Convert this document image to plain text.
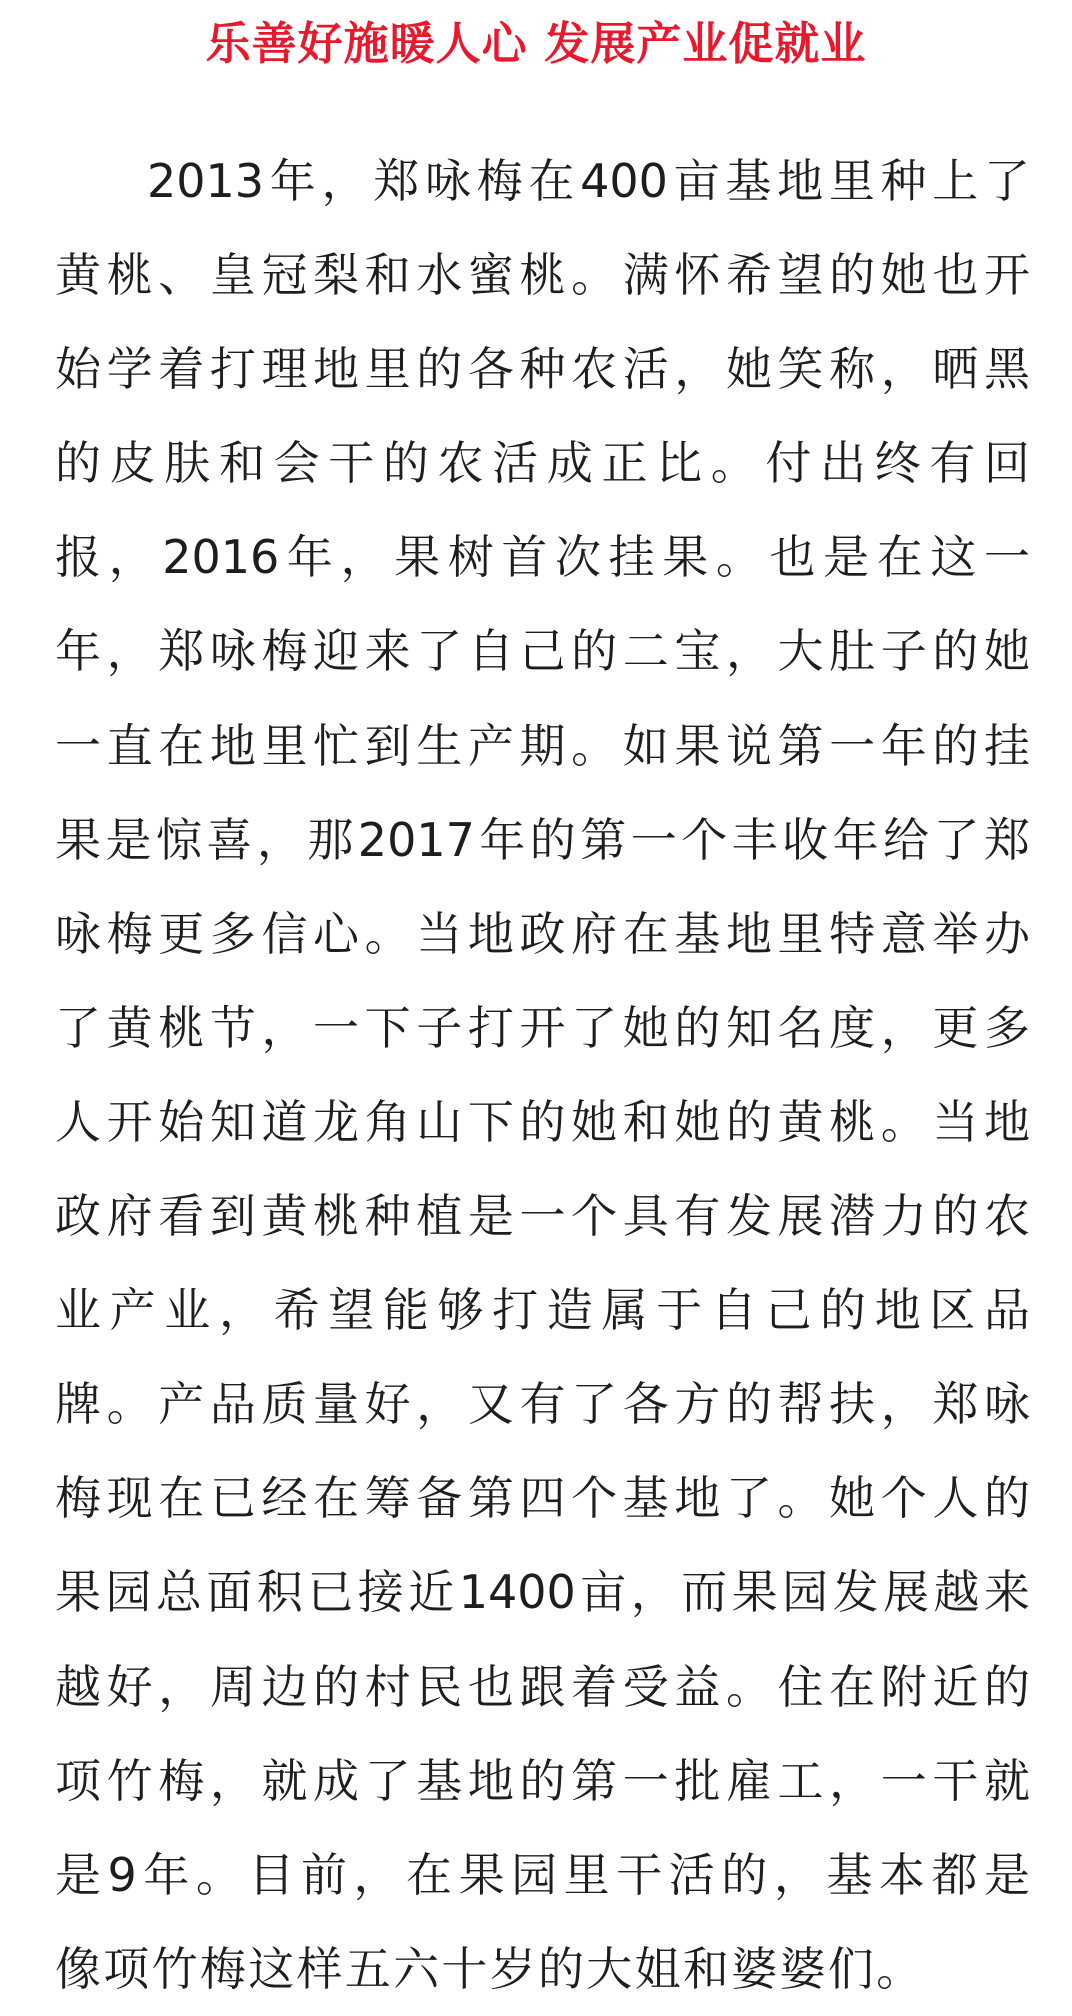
乐善好施暖人心 发展产业促就业
2013年，郑咏梅在400亩基地里种上了
黄桃、皇冠梨和水蜜桃。满怀希望的她也开
始学着打理地里的各种农活，她笑称，晒黑
的皮肤和会干的农活成正比。付出终有回
报，2016年，果树首次挂果。也是在这一
年，郑咏梅迎来了自己的二宝，大肚子的她
一直在地里忙到生产期。如果说第一年的挂
果是惊喜，那2017年的第一个丰收年给了郑
咏梅更多信心。当地政府在基地里特意举办
了黄桃节，一下子打开了她的知名度，更多
人开始知道龙角山下的她和她的黄桃。当地
政府看到黄桃种植是一个具有发展潜力的农
业产业，希望能够打造属于自己的地区品
牌。产品质量好，又有了各方的帮扶，郑咏
梅现在已经在筹备第四个基地了。她个人的
果园总面积已接近1400亩，而果园发展越来
越好，周边的村民也跟着受益。住在附近的
项竹梅，就成了基地的第一批雇工，一干就
是9年。目前，在果园里干活的，基本都是
像项竹梅这样五六十岁的大姐和婆婆们。
